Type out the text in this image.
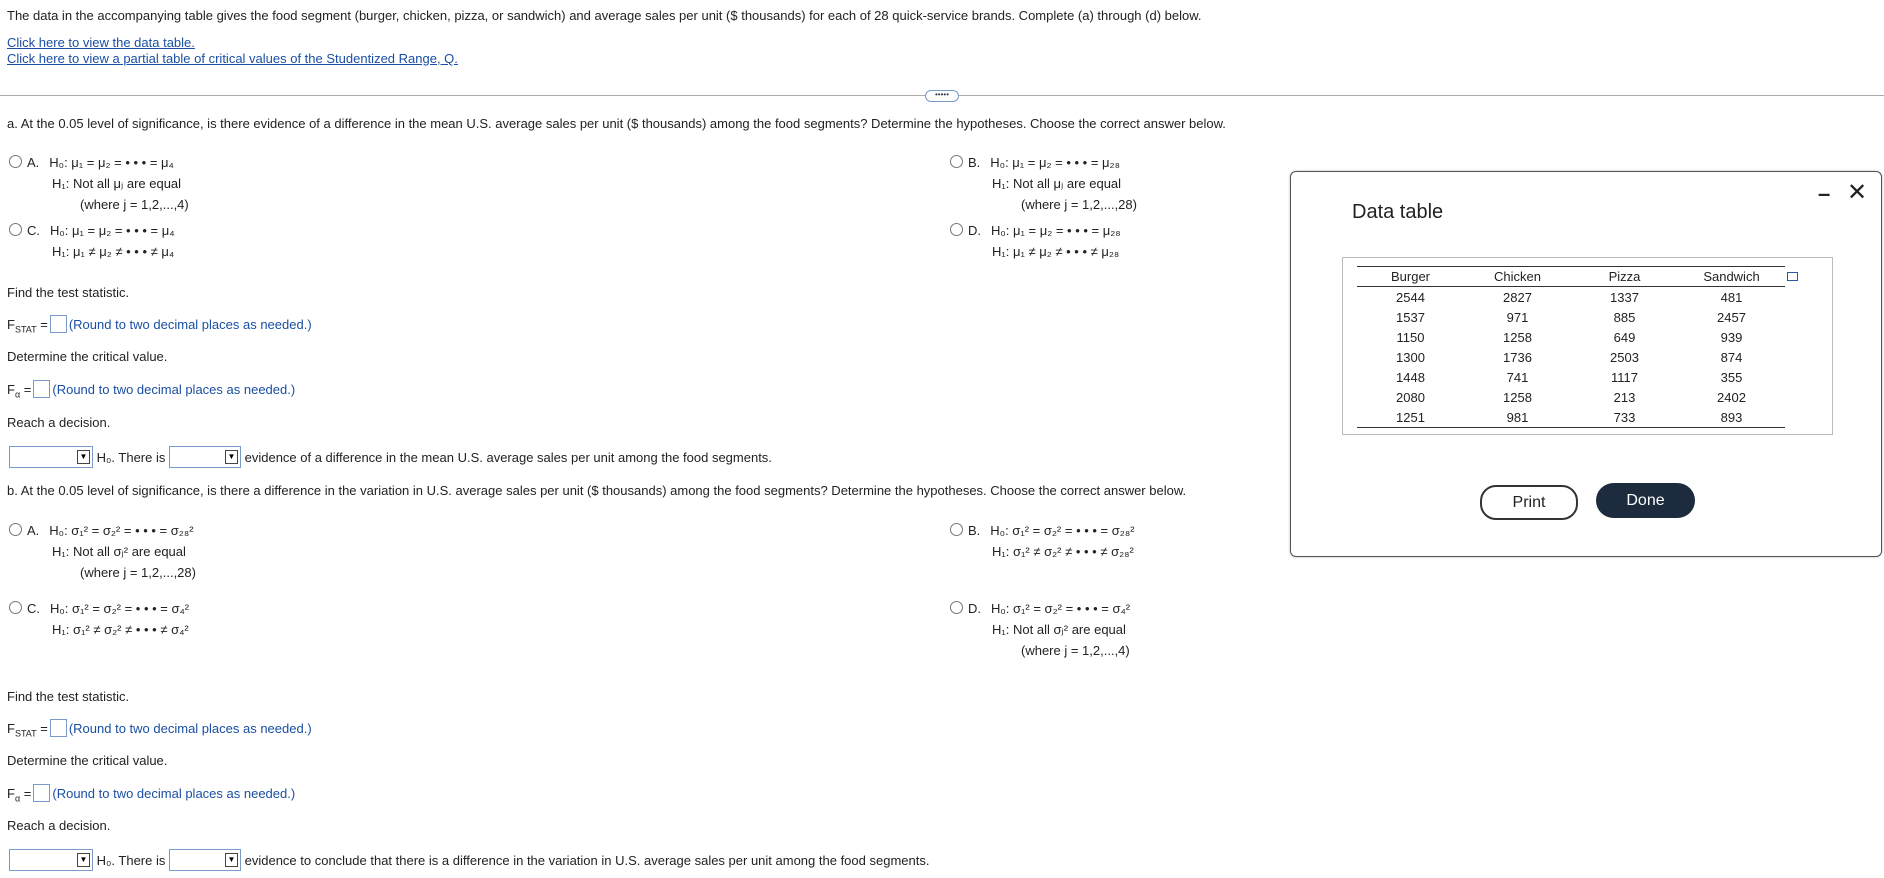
The data in the accompanying table gives the food segment (burger, chicken, pizza, or sandwich) and average sales per unit ($ thousands) for each of 28 quick-service brands. Complete (a) through (d) below.
Click here to view the data table.
Click here to view a partial table of critical values of the Studentized Range, Q.
•••••
a. At the 0.05 level of significance, is there evidence of a difference in the mean U.S. average sales per unit ($ thousands) among the food segments? Determine the hypotheses. Choose the correct answer below.
A. H₀: μ₁ = μ₂ = • • • = μ₄
H₁: Not all μⱼ are equal
(where j = 1,2,...,4)
B. H₀: μ₁ = μ₂ = • • • = μ₂₈
H₁: Not all μⱼ are equal
(where j = 1,2,...,28)
C. H₀: μ₁ = μ₂ = • • • = μ₄
H₁: μ₁ ≠ μ₂ ≠ • • • ≠ μ₄
D. H₀: μ₁ = μ₂ = • • • = μ₂₈
H₁: μ₁ ≠ μ₂ ≠ • • • ≠ μ₂₈
Find the test statistic.
$F_{STAT}$ = (Round to two decimal places as needed.)
Determine the critical value.
$F_\alpha$ = (Round to two decimal places as needed.)
Reach a decision.
▼ H₀. There is	▼ evidence of a difference in the mean U.S. average sales per unit among the food segments.
b. At the 0.05 level of significance, is there a difference in the variation in U.S. average sales per unit ($ thousands) among the food segments? Determine the hypotheses. Choose the correct answer below.
A. H₀: σ₁² = σ₂² = • • • = σ₂₈²
H₁: Not all σⱼ² are equal
(where j = 1,2,...,28)
B. H₀: σ₁² = σ₂² = • • • = σ₂₈²
H₁: σ₁² ≠ σ₂² ≠ • • • ≠ σ₂₈²
C. H₀: σ₁² = σ₂² = • • • = σ₄²
H₁: σ₁² ≠ σ₂² ≠ • • • ≠ σ₄²
D. H₀: σ₁² = σ₂² = • • • = σ₄²
H₁: Not all σⱼ² are equal
(where j = 1,2,...,4)
Find the test statistic.
$F_{STAT}$ = (Round to two decimal places as needed.)
Determine the critical value.
$F_\alpha$ = (Round to two decimal places as needed.)
Reach a decision.
▼ H₀. There is	▼ evidence to conclude that there is a difference in the variation in U.S. average sales per unit among the food segments.
Data table
– ✕
Burger	Chicken	Pizza	Sandwich
2544	2827	1337	481
1537	971	885	2457
1150	1258	649	939
1300	1736	2503	874
1448	741	1117	355
2080	1258	213	2402
1251	981	733	893
Print	Done
